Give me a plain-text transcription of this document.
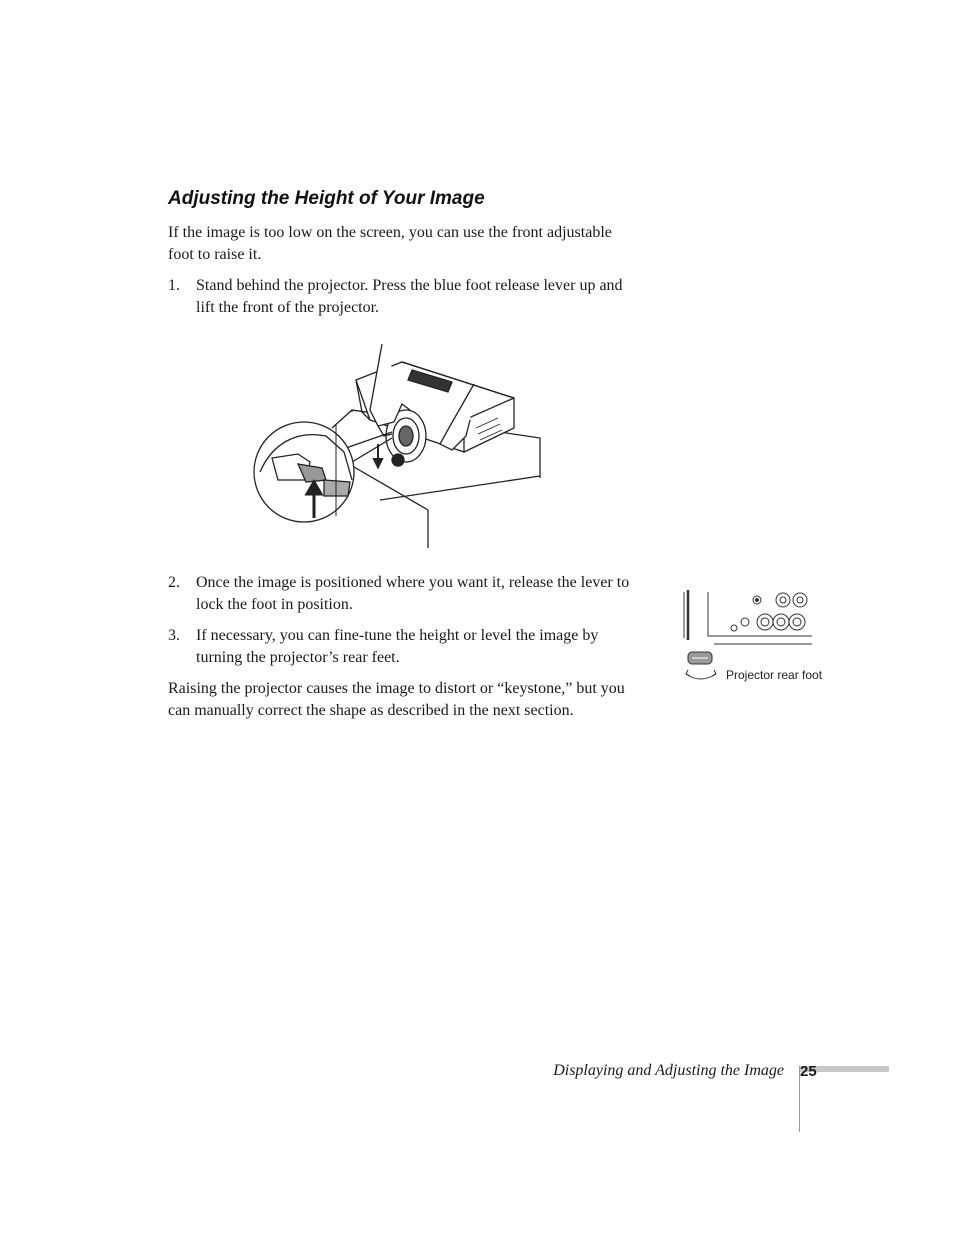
Adjusting the Height of Your Image

If the image is too low on the screen, you can use the front adjustable foot to raise it.

1.	Stand behind the projector. Press the blue foot release lever up and lift the front of the projector.
2.	Once the image is positioned where you want it, release the lever to lock the foot in position.
3.	If necessary, you can fine-tune the height or level the image by turning the projector’s rear feet.

Raising the projector causes the image to distort or “keystone,” but you can manually correct the shape as described in the next section.

Projector rear foot
Displaying and Adjusting the Image 25
